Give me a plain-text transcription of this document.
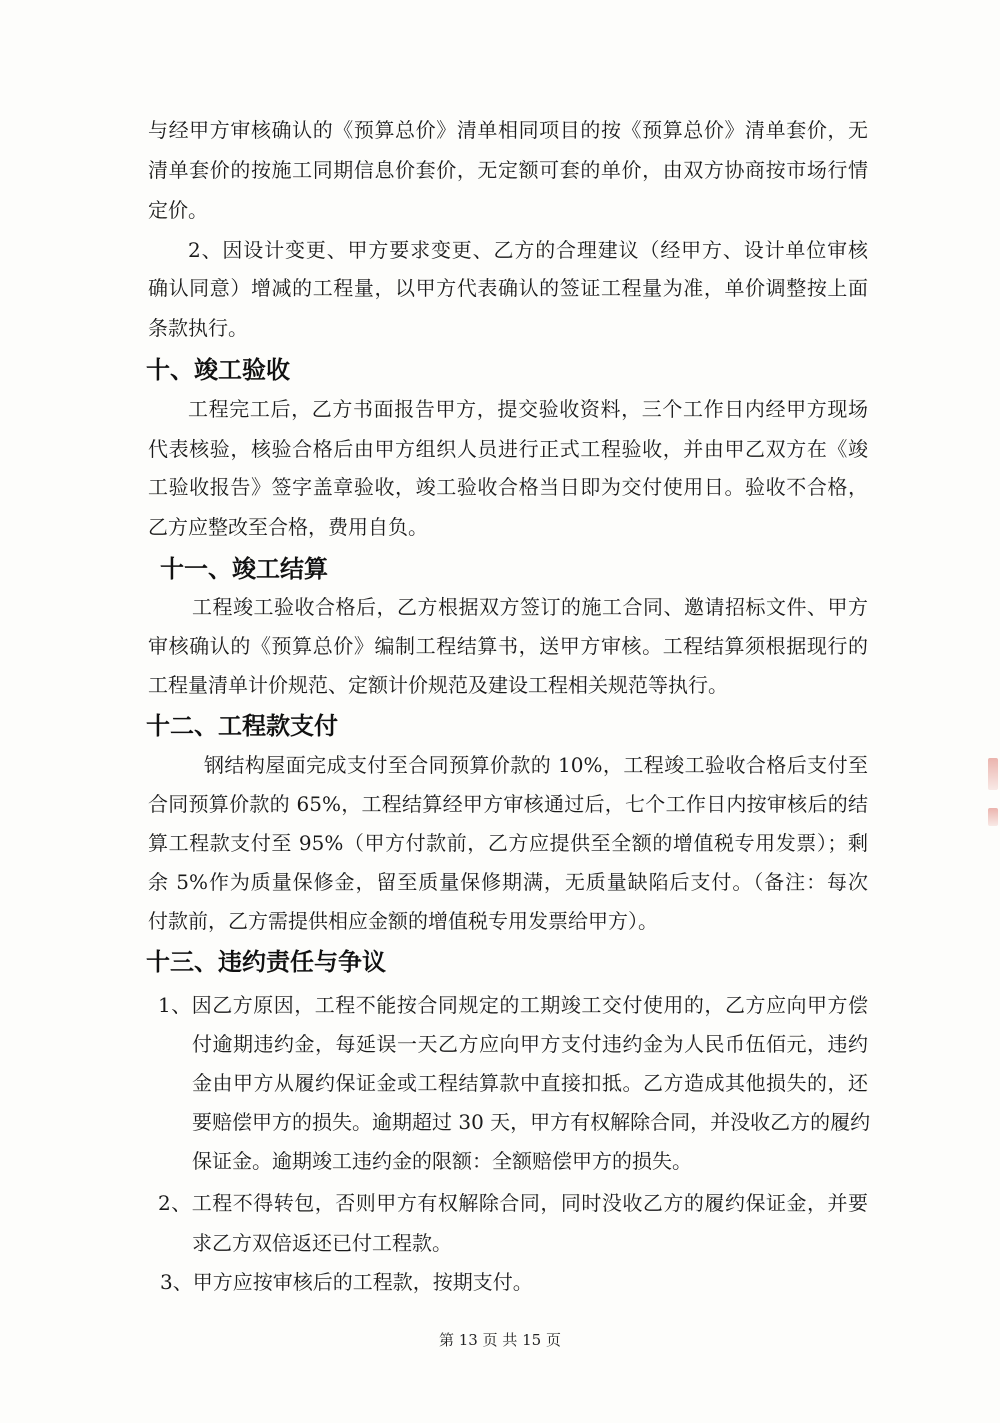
与经甲方审核确认的《预算总价》清单相同项目的按《预算总价》清单套价，无
清单套价的按施工同期信息价套价，无定额可套的单价，由双方协商按市场行情
定价。
2、因设计变更、甲方要求变更、乙方的合理建议（经甲方、设计单位审核
确认同意）增减的工程量，以甲方代表确认的签证工程量为准，单价调整按上面
条款执行。
十、竣工验收
工程完工后，乙方书面报告甲方，提交验收资料，三个工作日内经甲方现场
代表核验，核验合格后由甲方组织人员进行正式工程验收，并由甲乙双方在《竣
工验收报告》签字盖章验收，竣工验收合格当日即为交付使用日。验收不合格，
乙方应整改至合格，费用自负。
十一、竣工结算
工程竣工验收合格后，乙方根据双方签订的施工合同、邀请招标文件、甲方
审核确认的《预算总价》编制工程结算书，送甲方审核。工程结算须根据现行的
工程量清单计价规范、定额计价规范及建设工程相关规范等执行。
十二、工程款支付
钢结构屋面完成支付至合同预算价款的 10%，工程竣工验收合格后支付至
合同预算价款的 65%，工程结算经甲方审核通过后，七个工作日内按审核后的结
算工程款支付至 95%（甲方付款前，乙方应提供至全额的增值税专用发票）；剩
余 5%作为质量保修金，留至质量保修期满，无质量缺陷后支付。（备注：每次
付款前，乙方需提供相应金额的增值税专用发票给甲方）。
十三、违约责任与争议
1、因乙方原因，工程不能按合同规定的工期竣工交付使用的，乙方应向甲方偿
付逾期违约金，每延误一天乙方应向甲方支付违约金为人民币伍佰元，违约
金由甲方从履约保证金或工程结算款中直接扣抵。乙方造成其他损失的，还
要赔偿甲方的损失。逾期超过 30 天，甲方有权解除合同，并没收乙方的履约
保证金。逾期竣工违约金的限额：全额赔偿甲方的损失。
2、工程不得转包，否则甲方有权解除合同，同时没收乙方的履约保证金，并要
求乙方双倍返还已付工程款。
3、甲方应按审核后的工程款，按期支付。
第 13 页 共 15 页
